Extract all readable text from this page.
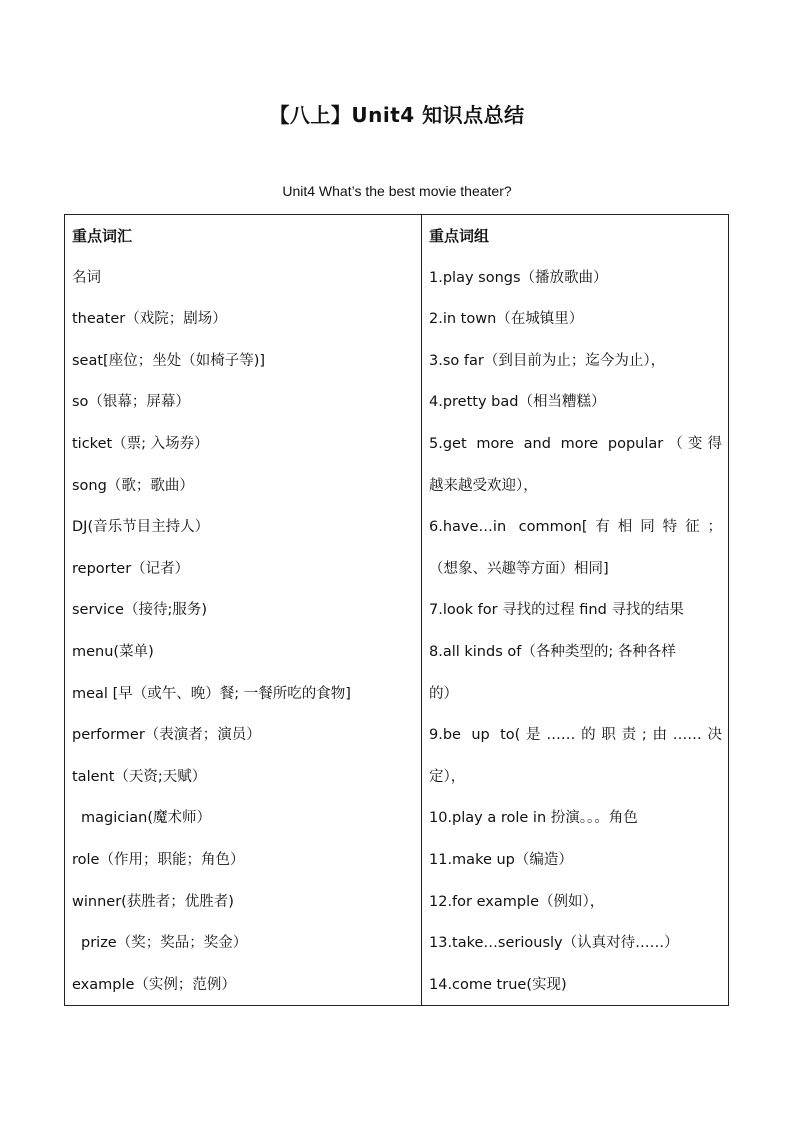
【八上】Unit4 知识点总结
Unit4 What’s the best movie theater?
重点词汇
名词
theater（戏院；剧场）
seat[座位；坐处（如椅子等)]
so（银幕；屏幕）
ticket（票; 入场券）
song（歌；歌曲）
DJ(音乐节目主持人）
reporter（记者）
service（接待;服务)
menu(菜单)
meal [早（或午、晚）餐; 一餐所吃的食物]
performer（表演者；演员）
talent（天资;天赋）
magician(魔术师）
role（作用；职能；角色）
winner(获胜者；优胜者)
prize（奖；奖品；奖金）
example（实例；范例）
重点词组
1.play songs（播放歌曲）
2.in town（在城镇里）
3.so far（到目前为止；迄今为止），
4.pretty bad（相当糟糕）
5.get more and more popular（变得
越来越受欢迎），
6.have…in common[有相同特征；
（想象、兴趣等方面）相同]
7.look for 寻找的过程 find 寻找的结果
8.all kinds of（各种类型的; 各种各样
的）
9.be up to(是……的职责;由……决
定），
10.play a role in 扮演。。。角色
11.make up（编造）
12.for example（例如），
13.take…seriously（认真对待……）
14.come true(实现)
